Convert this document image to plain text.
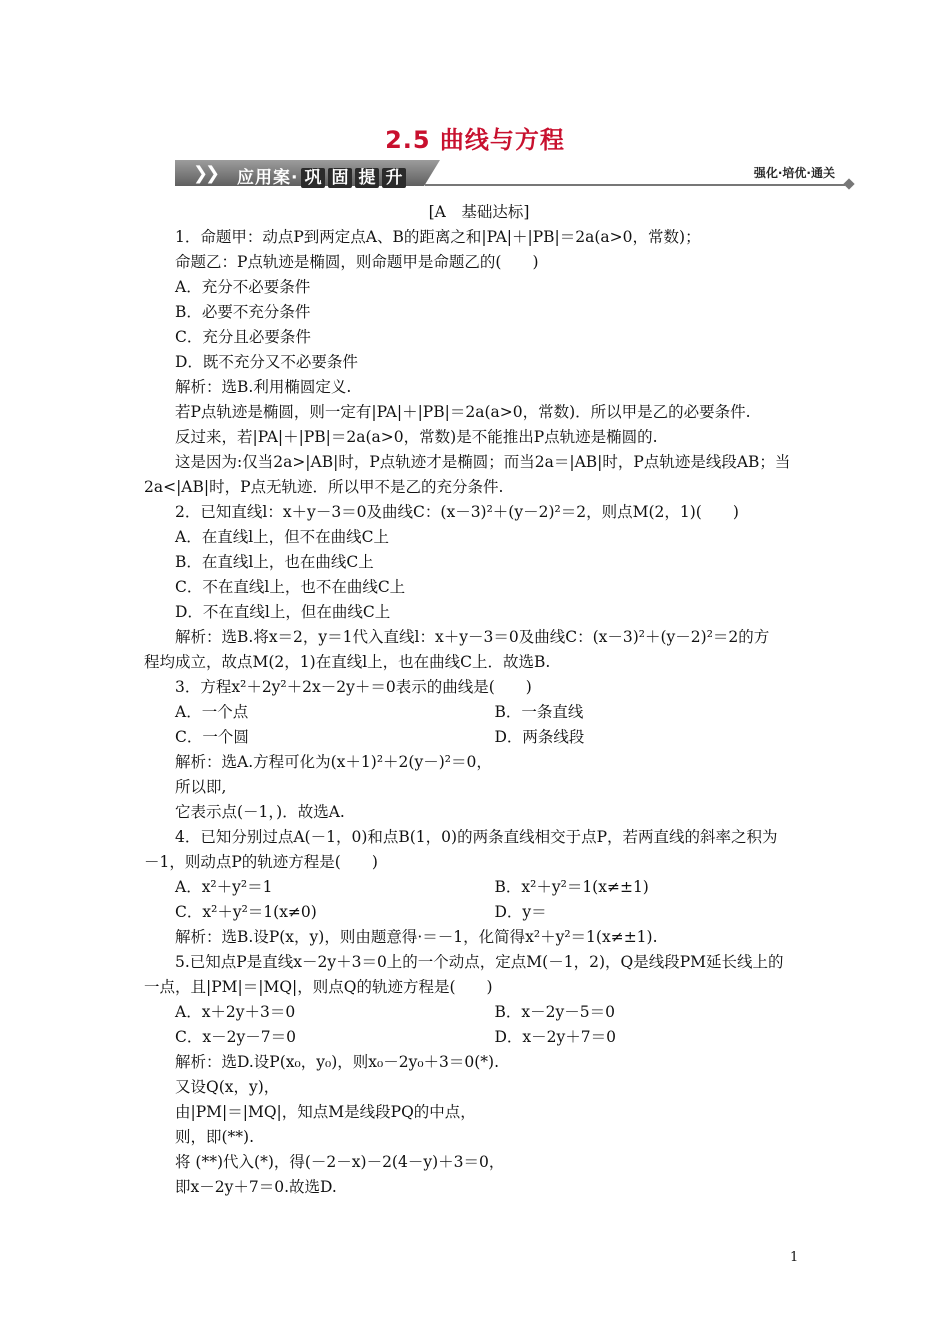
2.5 曲线与方程
❯
❯ 应用案· 巩 固 提 升	强化·培优·通关
[A　基础达标]
1．命题甲：动点P到两定点A、B的距离之和|PA|＋|PB|＝2a(a>0，常数)；
命题乙：P点轨迹是椭圆，则命题甲是命题乙的(　　)
A．充分不必要条件
B．必要不充分条件
C．充分且必要条件
D．既不充分又不必要条件
解析：选B.利用椭圆定义.
若P点轨迹是椭圆，则一定有|PA|＋|PB|＝2a(a>0，常数)．所以甲是乙的必要条件.
反过来，若|PA|＋|PB|＝2a(a>0，常数)是不能推出P点轨迹是椭圆的.
这是因为:仅当2a>|AB|时，P点轨迹才是椭圆；而当2a＝|AB|时，P点轨迹是线段AB；当
2a<|AB|时，P点无轨迹．所以甲不是乙的充分条件.
2．已知直线l：x＋y－3＝0及曲线C：(x－3)²＋(y－2)²＝2，则点M(2，1)(　　)
A．在直线l上，但不在曲线C上
B．在直线l上，也在曲线C上
C．不在直线l上，也不在曲线C上
D．不在直线l上，但在曲线C上
解析：选B.将x＝2，y＝1代入直线l：x＋y－3＝0及曲线C：(x－3)²＋(y－2)²＝2的方
程均成立，故点M(2，1)在直线l上，也在曲线C上．故选B.
3．方程x²＋2y²＋2x－2y＋＝0表示的曲线是(　　)
A．一个点	B．一条直线
C．一个圆	D．两条线段
解析：选A.方程可化为(x＋1)²＋2(y－)²＝0，
所以即,
它表示点(－1，)．故选A.
4．已知分别过点A(－1，0)和点B(1，0)的两条直线相交于点P，若两直线的斜率之积为
－1，则动点P的轨迹方程是(　　)
A．x²＋y²＝1	B．x²＋y²＝1(x≠±1)
C．x²＋y²＝1(x≠0)	D．y＝
解析：选B.设P(x，y)，则由题意得·＝－1，化简得x²＋y²＝1(x≠±1).
5.已知点P是直线x－2y＋3＝0上的一个动点，定点M(－1，2)，Q是线段PM延长线上的
一点，且|PM|＝|MQ|，则点Q的轨迹方程是(　　)
A．x＋2y＋3＝0	B．x－2y－5＝0
C．x－2y－7＝0	D．x－2y＋7＝0
解析：选D.设P(x₀，y₀)，则x₀－2y₀＋3＝0(*).
又设Q(x，y)，
由|PM|＝|MQ|，知点M是线段PQ的中点，
则，即(**).
将 (**)代入(*)，得(－2－x)－2(4－y)＋3＝0，
即x－2y＋7＝0.故选D.
1
